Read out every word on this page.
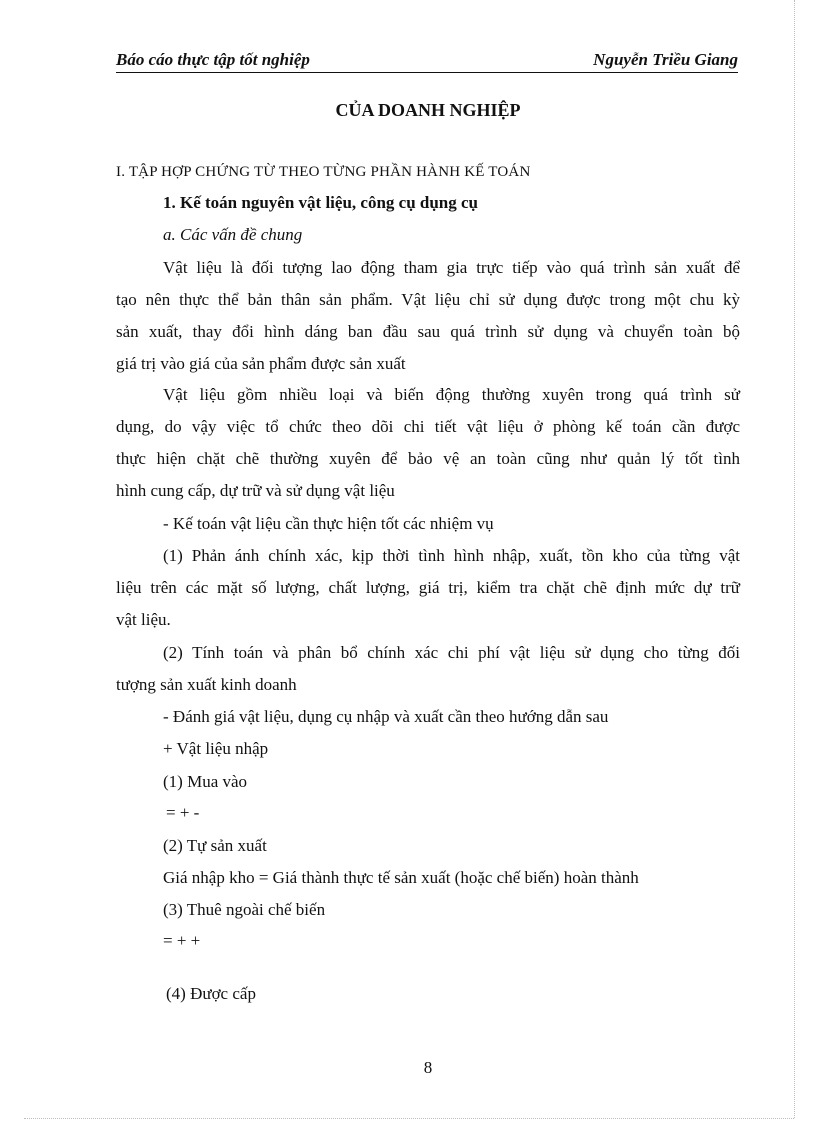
Báo cáo thực tập tốt nghiệp	Nguyễn Triều Giang
CỦA DOANH NGHIỆP
I. TẬP HỢP CHỨNG TỪ THEO TỪNG PHẦN HÀNH KẾ TOÁN
1. Kế toán nguyên vật liệu, công cụ dụng cụ
a. Các vấn đề chung
Vật liệu là đối tượng lao động tham gia trực tiếp vào quá trình sản xuất để
tạo nên thực thể bản thân sản phẩm. Vật liệu chỉ sử dụng được trong một chu kỳ
sản xuất, thay đổi hình dáng ban đầu sau quá trình sử dụng và chuyển toàn bộ
giá trị vào giá của sản phẩm được sản xuất
Vật liệu gồm nhiều loại và biến động thường xuyên trong quá trình sử
dụng, do vậy việc tổ chức theo dõi chi tiết vật liệu ở phòng kế toán cần được
thực hiện chặt chẽ thường xuyên để bảo vệ an toàn cũng như quản lý tốt tình
hình cung cấp, dự trữ và sử dụng vật liệu
- Kế toán vật liệu cần thực hiện tốt các nhiệm vụ
(1) Phản ánh chính xác, kịp thời tình hình nhập, xuất, tồn kho của từng vật
liệu trên các mặt số lượng, chất lượng, giá trị, kiểm tra chặt chẽ định mức dự trữ
vật liệu.
(2) Tính toán và phân bổ chính xác chi phí vật liệu sử dụng cho từng đối
tượng sản xuất kinh doanh
- Đánh giá vật liệu, dụng cụ nhập và xuất cần theo hướng dẫn sau
+ Vật liệu nhập
(1) Mua vào
= + -
(2) Tự sản xuất
Giá nhập kho = Giá thành thực tế sản xuất (hoặc chế biến) hoàn thành
(3) Thuê ngoài chế biến
= + +
(4) Được cấp
8
